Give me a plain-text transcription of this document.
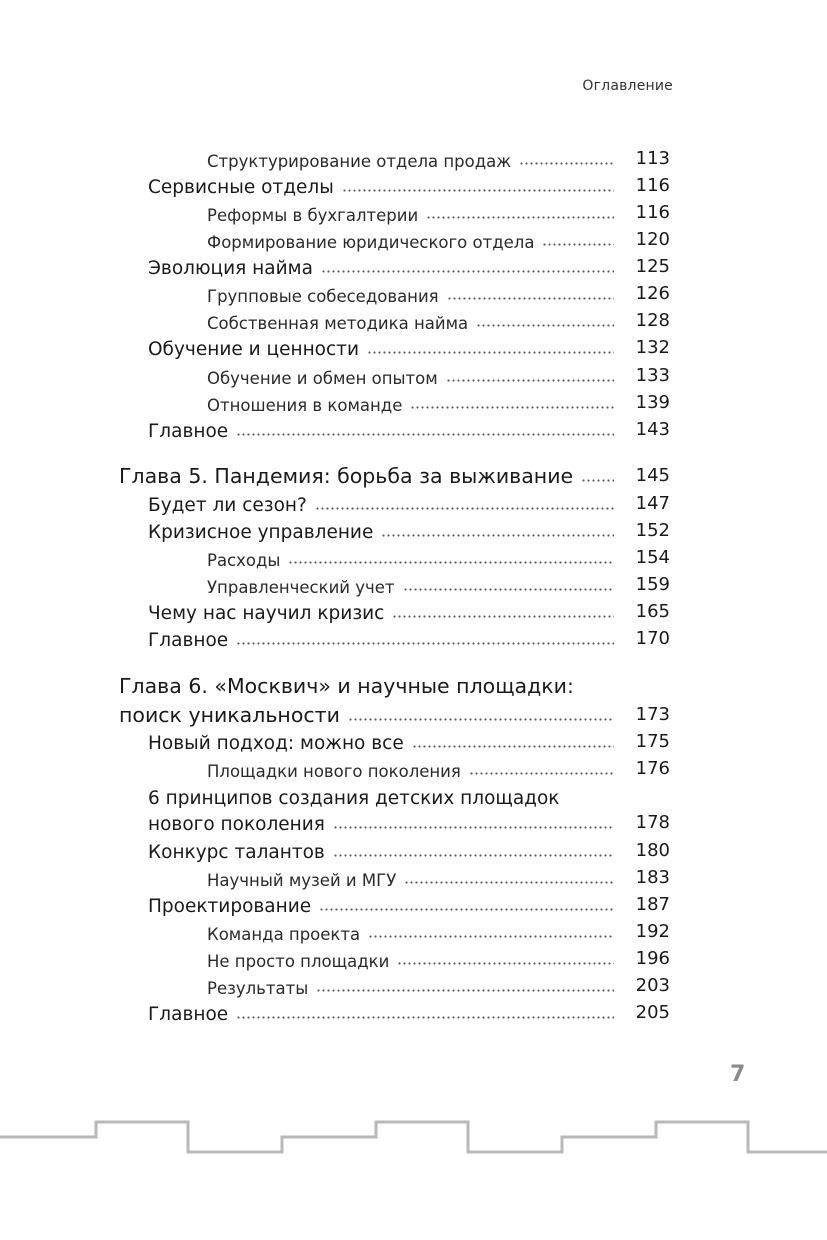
Оглавление
Структурирование отдела продаж	113
Сервисные отделы	116
Реформы в бухгалтерии	116
Формирование юридического отдела	120
Эволюция найма	125
Групповые собеседования	126
Собственная методика найма	128
Обучение и ценности	132
Обучение и обмен опытом	133
Отношения в команде	139
Главное	143
Глава 5. Пандемия: борьба за выживание	145
Будет ли сезон?	147
Кризисное управление	152
Расходы	154
Управленческий учет	159
Чему нас научил кризис	165
Главное	170
Глава 6. «Москвич» и научные площадки:
поиск уникальности	173
Новый подход: можно все	175
Площадки нового поколения	176
6 принципов создания детских площадок
нового поколения	178
Конкурс талантов	180
Научный музей и МГУ	183
Проектирование	187
Команда проекта	192
Не просто площадки	196
Результаты	203
Главное	205
7
